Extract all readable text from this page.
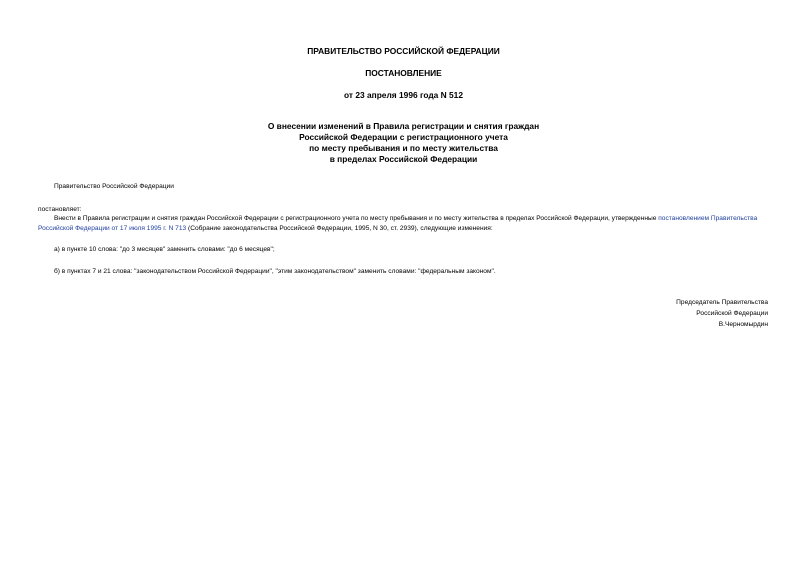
ПРАВИТЕЛЬСТВО РОССИЙСКОЙ ФЕДЕРАЦИИ
ПОСТАНОВЛЕНИЕ
от 23 апреля 1996 года N 512
О внесении изменений в Правила регистрации и снятия граждан
Российской Федерации с регистрационного учета
по месту пребывания и по месту жительства
в пределах Российской Федерации
Правительство Российской Федерации
постановляет:
Внести в Правила регистрации и снятия граждан Российской Федерации с регистрационного учета по месту пребывания и по месту жительства в пределах Российской Федерации, утвержденные постановлением Правительства Российской Федерации от 17 июля 1995 г. N 713 (Собрание законодательства Российской Федерации, 1995, N 30, ст. 2939), следующие изменения:
а) в пункте 10 слова: "до 3 месяцев" заменить словами: "до 6 месяцев";
б) в пунктах 7 и 21 слова: "законодательством Российской Федерации", "этим законодательством" заменить словами: "федеральным законом".
Председатель Правительства
Российской Федерации
В.Черномырдин
